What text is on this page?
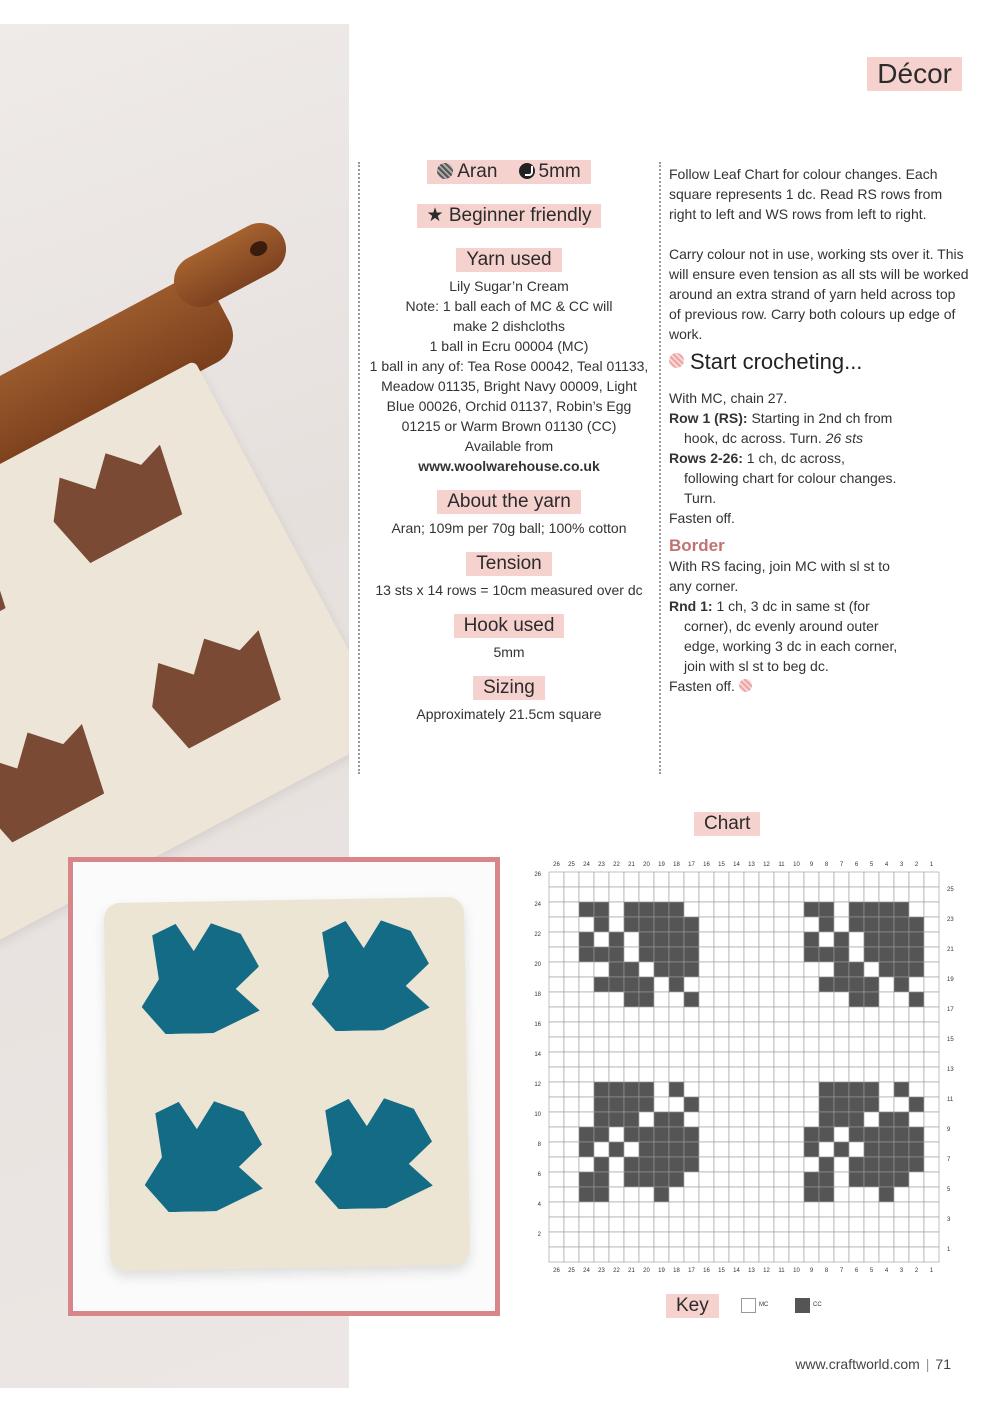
Décor
Aran 5mm
★ Beginner friendly
Yarn used
Lily Sugar’n Cream
Note: 1 ball each of MC & CC will
make 2 dishcloths
1 ball in Ecru 00004 (MC)
1 ball in any of: Tea Rose 00042, Teal 01133,
Meadow 01135, Bright Navy 00009, Light
Blue 00026, Orchid 01137, Robin’s Egg
01215 or Warm Brown 01130 (CC)
Available from
www.woolwarehouse.co.uk
About the yarn
Aran; 109m per 70g ball; 100% cotton
Tension
13 sts x 14 rows = 10cm measured over dc
Hook used
5mm
Sizing
Approximately 21.5cm square

Follow Leaf Chart for colour changes. Each square represents 1 dc. Read RS rows from right to left and WS rows from left to right.

Carry colour not in use, working sts over it. This will ensure even tension as all sts will be worked around an extra strand of yarn held across top of previous row. Carry both colours up edge of work.

Start crocheting...
With MC, chain 27.
Row 1 (RS): Starting in 2nd ch from
hook, dc across. Turn. 26 sts
Rows 2-26: 1 ch, dc across,
following chart for colour changes.
Turn.
Fasten off.
Border
With RS facing, join MC with sl st to
any corner.
Rnd 1: 1 ch, 3 dc in same st (for
corner), dc evenly around outer
edge, working 3 dc in each corner,
join with sl st to beg dc.
Fasten off.
Chart
26
26
25
25
24
24
23
23
22
22
21
21
20
20
19
19
18
18
17
17
16
16
15
15
14
14
13
13
12
12
11
11
10
10
9
9
8
8
7
7
6
6
5
5
4
4
3
3
2
2
1
1
26
24
22
20
18
16
14
12
10
8
6
4
2
25
23
21
19
17
15
13
11
9
7
5
3
1
Key	MC	CC
www.craftworld.com | 71
